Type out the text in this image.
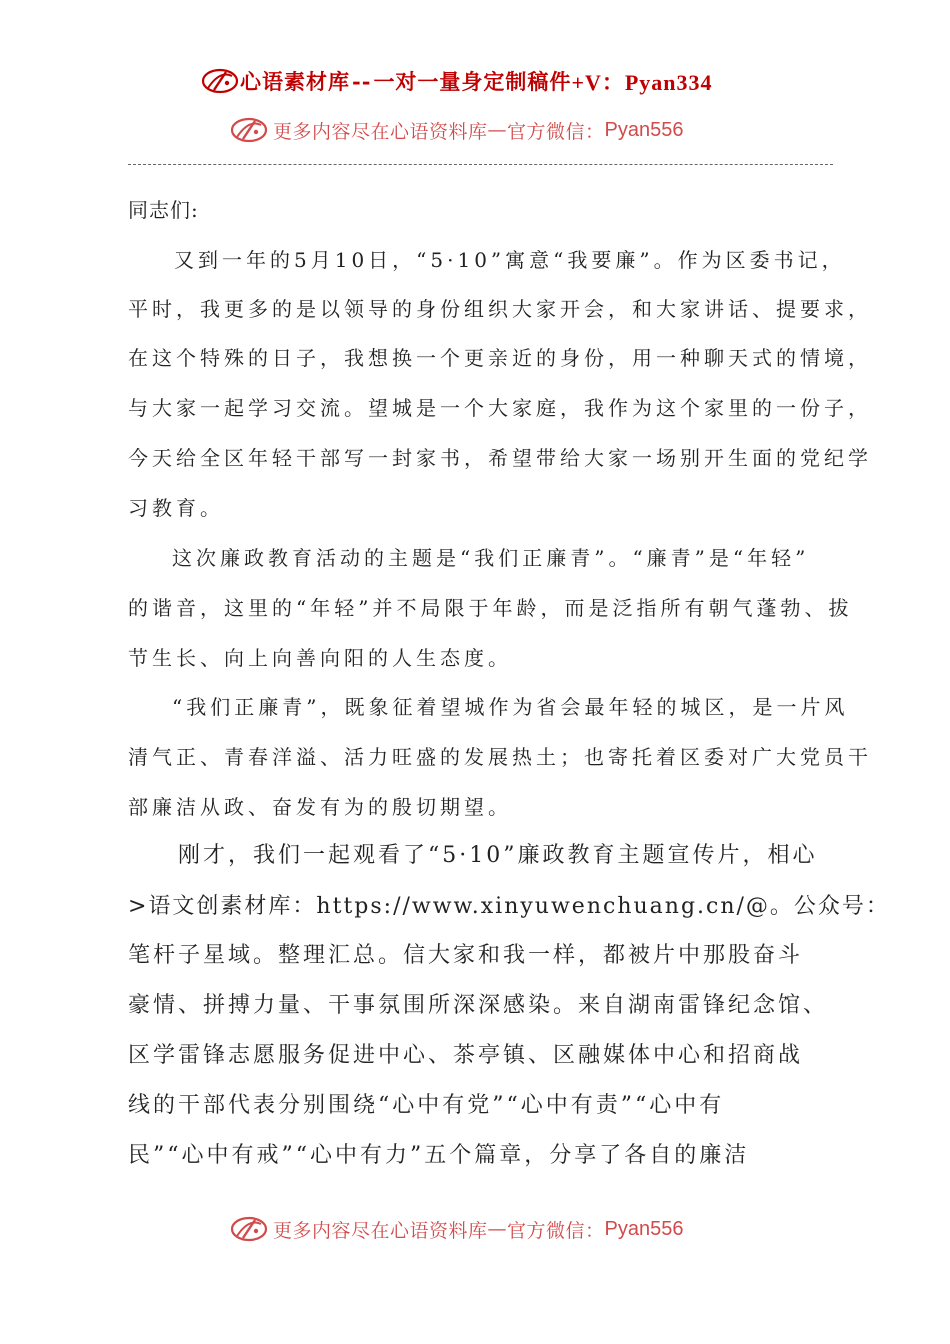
心语素材库 -- 一对一量身定制稿件 +V：Pyan334
更多内容尽在心语资料库 — 官方微信： Pyan556
同志们:
又到一年的5月10日，“5·10”寓意“我要廉”。作为区委书记，
平时，我更多的是以领导的身份组织大家开会，和大家讲话、提要求，
在这个特殊的日子，我想换一个更亲近的身份，用一种聊天式的情境，
与大家一起学习交流。望城是一个大家庭，我作为这个家里的一份子，
今天给全区年轻干部写一封家书，希望带给大家一场别开生面的党纪学
习教育。
这次廉政教育活动的主题是“我们正廉青”。“廉青”是“年轻”
的谐音，这里的“年轻”并不局限于年龄，而是泛指所有朝气蓬勃、拔
节生长、向上向善向阳的人生态度。
“我们正廉青”，既象征着望城作为省会最年轻的城区，是一片风
清气正、青春洋溢、活力旺盛的发展热土；也寄托着区委对广大党员干
部廉洁从政、奋发有为的殷切期望。
刚才，我们一起观看了“5·10”廉政教育主题宣传片，相心
>语文创素材库：https://www.xinyuwenchuang.cn/@。公众号：
笔杆子星域。整理汇总。信大家和我一样，都被片中那股奋斗
豪情、拼搏力量、干事氛围所深深感染。来自湖南雷锋纪念馆、
区学雷锋志愿服务促进中心、茶亭镇、区融媒体中心和招商战
线的干部代表分别围绕“心中有党”“心中有责”“心中有
民”“心中有戒”“心中有力”五个篇章，分享了各自的廉洁
更多内容尽在心语资料库 — 官方微信： Pyan556
